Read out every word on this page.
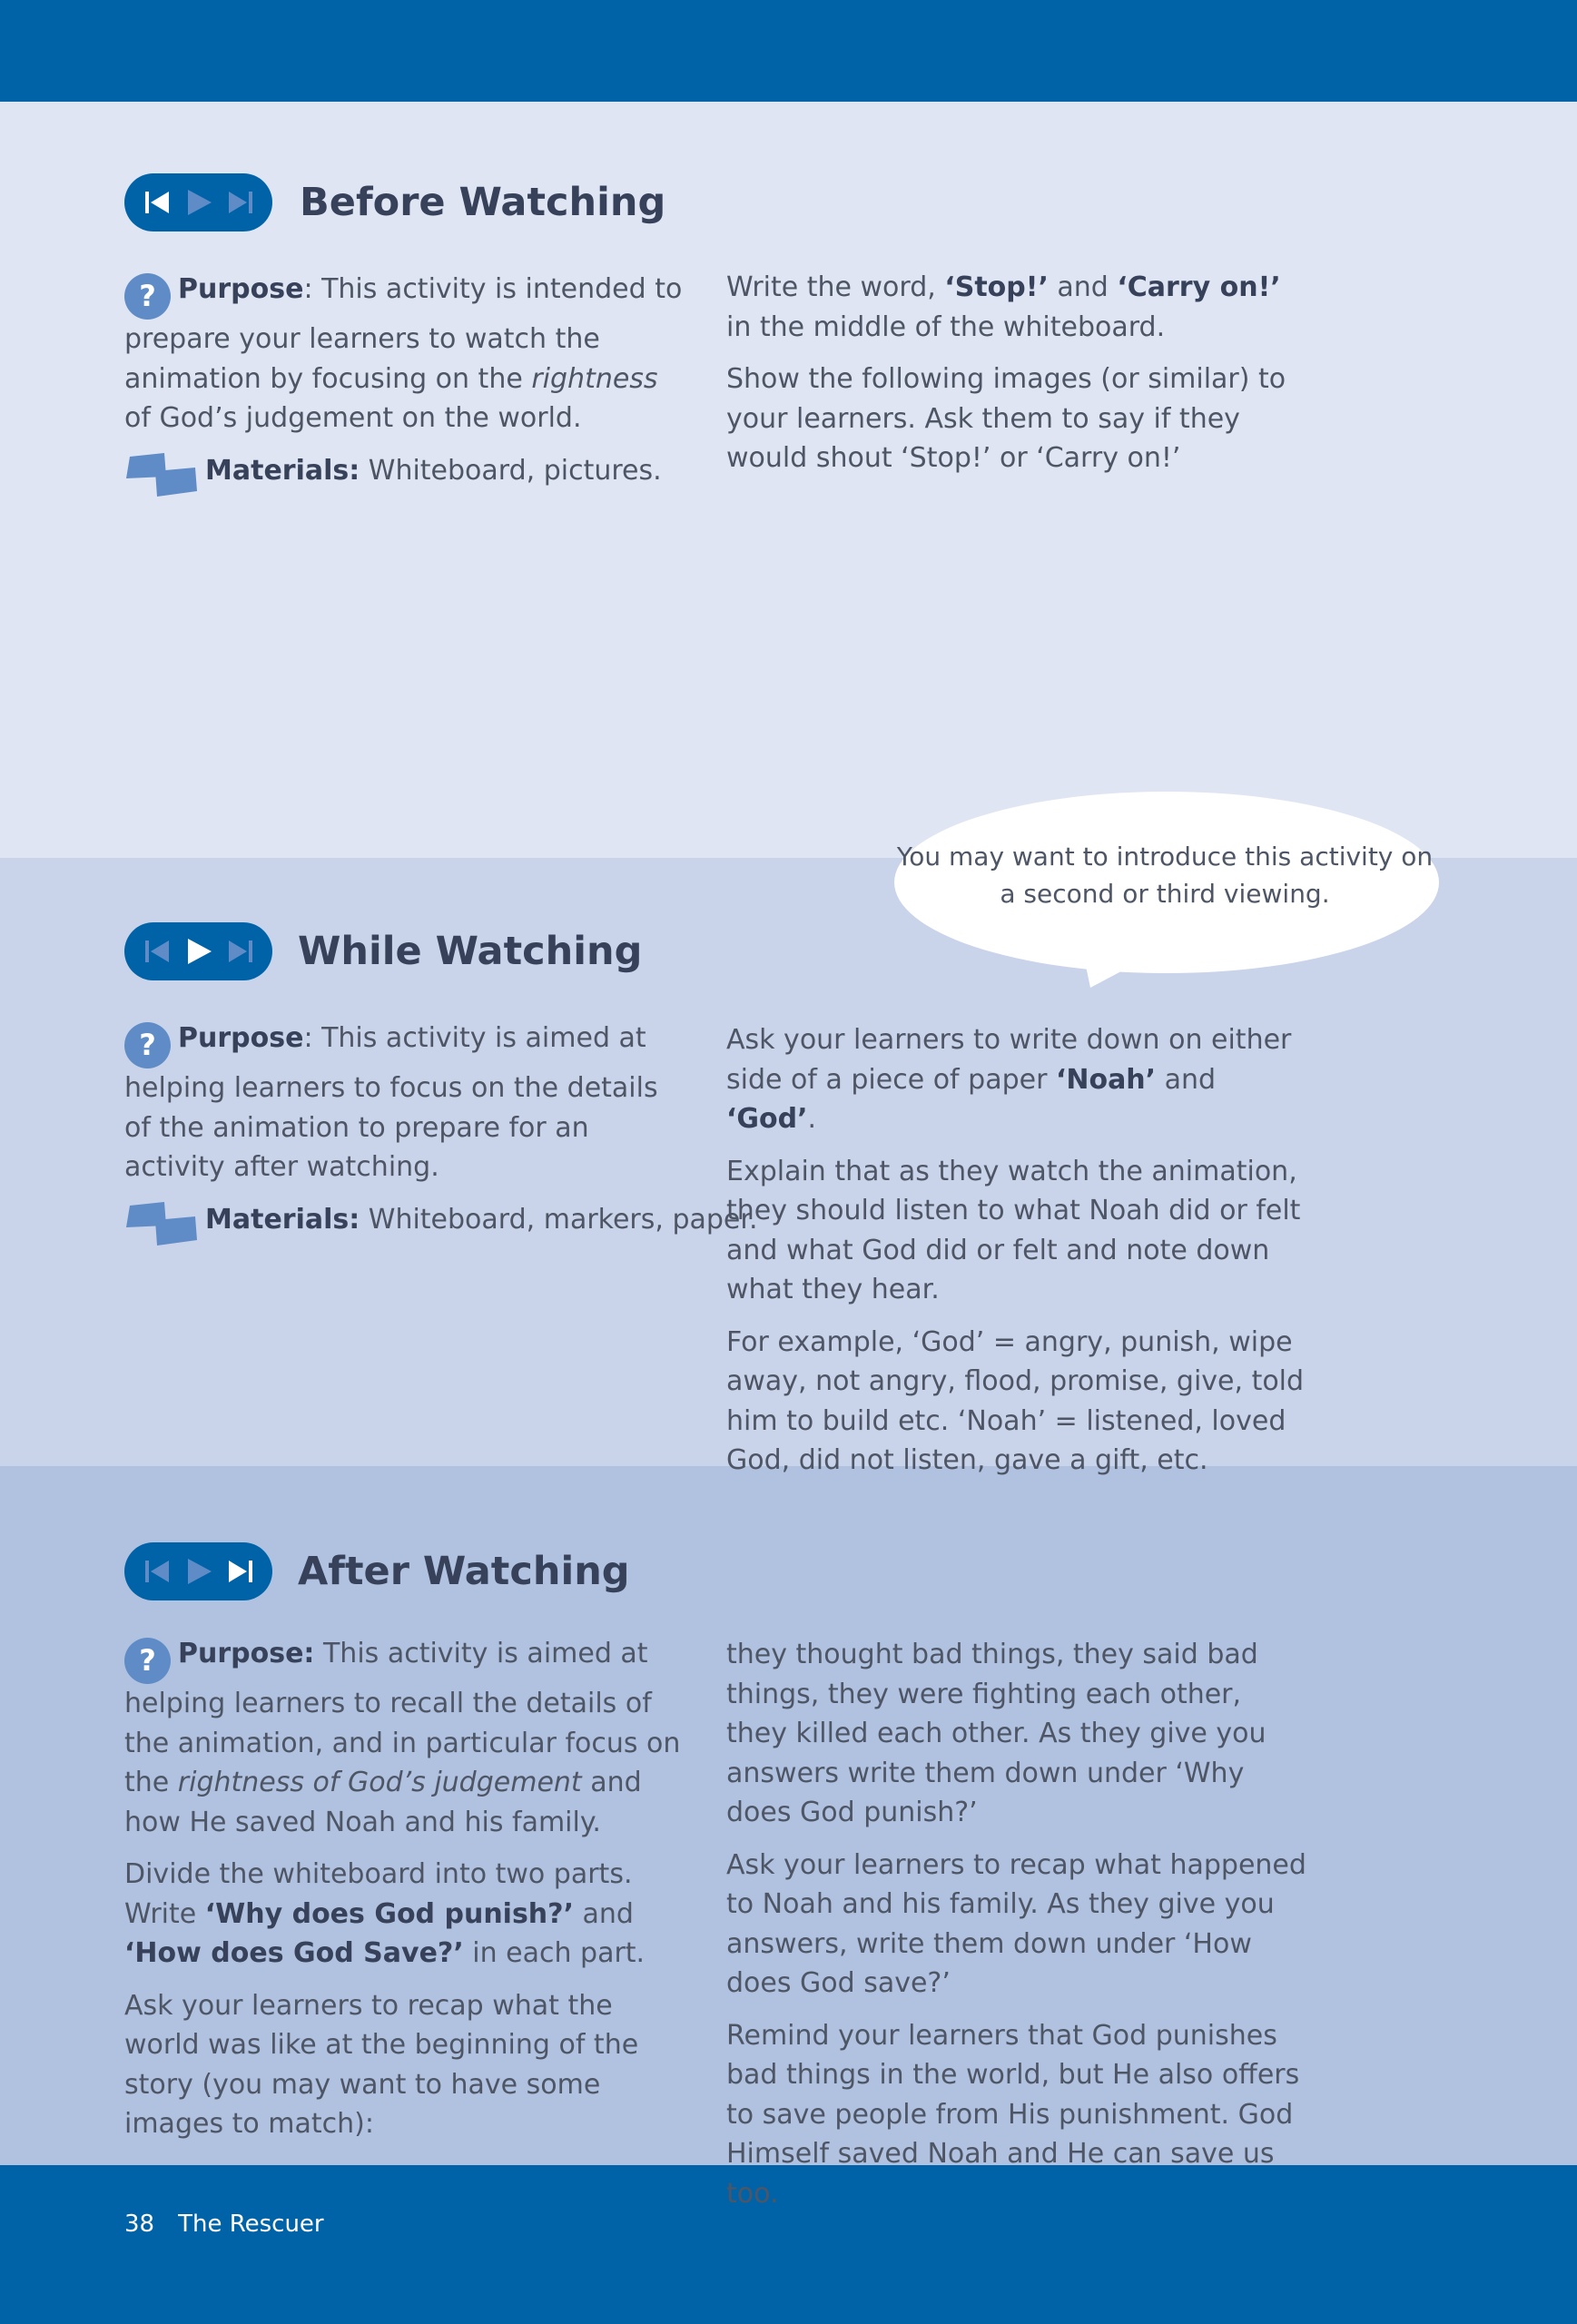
Before Watching

? Purpose: This activity is intended to prepare your learners to watch the animation by focusing on the rightness of God’s judgement on the world.

Materials: Whiteboard, pictures.

Write the word, ‘Stop!’ and ‘Carry on!’ in the middle of the whiteboard.

Show the following images (or similar) to your learners. Ask them to say if they would shout ‘Stop!’ or ‘Carry on!’

You may want to introduce this activity on a second or third viewing.
While Watching

? Purpose: This activity is aimed at helping learners to focus on the details of the animation to prepare for an activity after watching.

Materials: Whiteboard, markers, paper.

Ask your learners to write down on either side of a piece of paper ‘Noah’ and ‘God’.

Explain that as they watch the animation, they should listen to what Noah did or felt and what God did or felt and note down what they hear.

For example, ‘God’ = angry, punish, wipe away, not angry, flood, promise, give, told him to build etc. ‘Noah’ = listened, loved God, did not listen, gave a gift, etc.

After Watching

? Purpose: This activity is aimed at helping learners to recall the details of the animation, and in particular focus on the rightness of God’s judgement and how He saved Noah and his family.

Divide the whiteboard into two parts. Write ‘Why does God punish?’ and ‘How does God Save?’ in each part.

Ask your learners to recap what the world was like at the beginning of the story (you may want to have some images to match):

they thought bad things, they said bad things, they were fighting each other, they killed each other. As they give you answers write them down under ‘Why does God punish?’

Ask your learners to recap what happened to Noah and his family. As they give you answers, write them down under ‘How does God save?’

Remind your learners that God punishes bad things in the world, but He also offers to save people from His punishment. God Himself saved Noah and He can save us too.

38 The Rescuer
